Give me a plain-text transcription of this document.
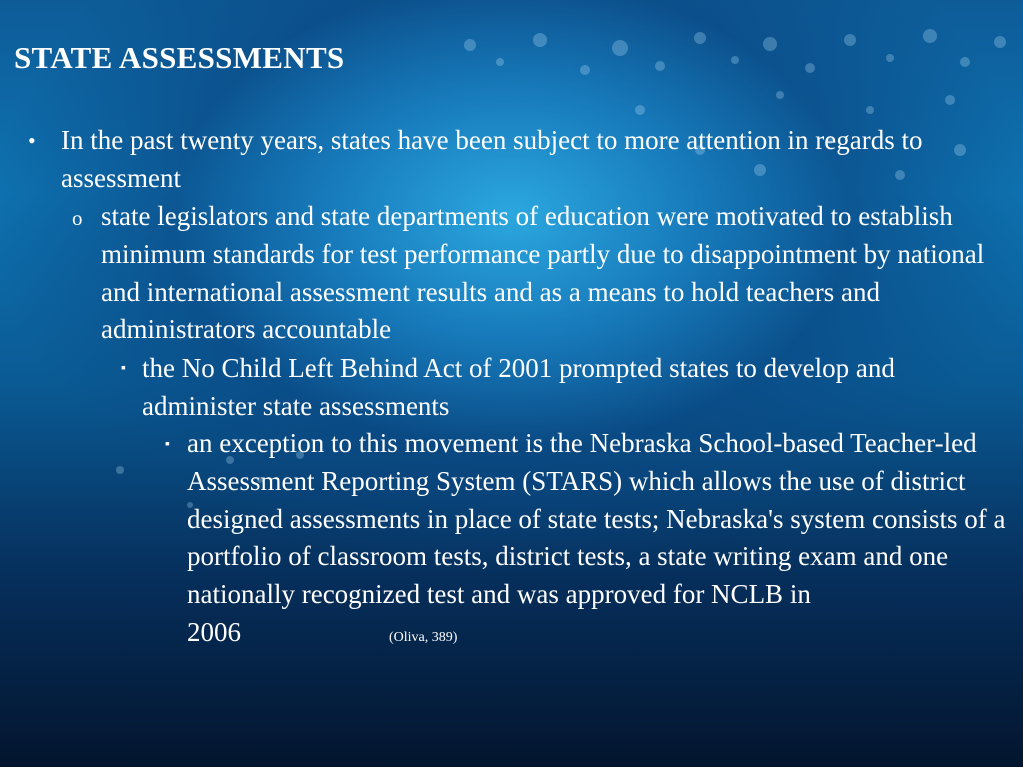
STATE ASSESSMENTS
• In the past twenty years, states have been subject to more attention in regards to assessment
o state legislators and state departments of education were motivated to establish minimum standards for test performance partly due to disappointment by national and international assessment results and as a means to hold teachers and administrators accountable
▪ the No Child Left Behind Act of 2001 prompted states to develop and administer state assessments
▪ an exception to this movement is the Nebraska School-based Teacher-led Assessment Reporting System (STARS) which allows the use of district designed assessments in place of state tests; Nebraska's system consists of a portfolio of classroom tests, district tests, a state writing exam and one nationally recognized test and was approved for NCLB in 2006	(Oliva, 389)
